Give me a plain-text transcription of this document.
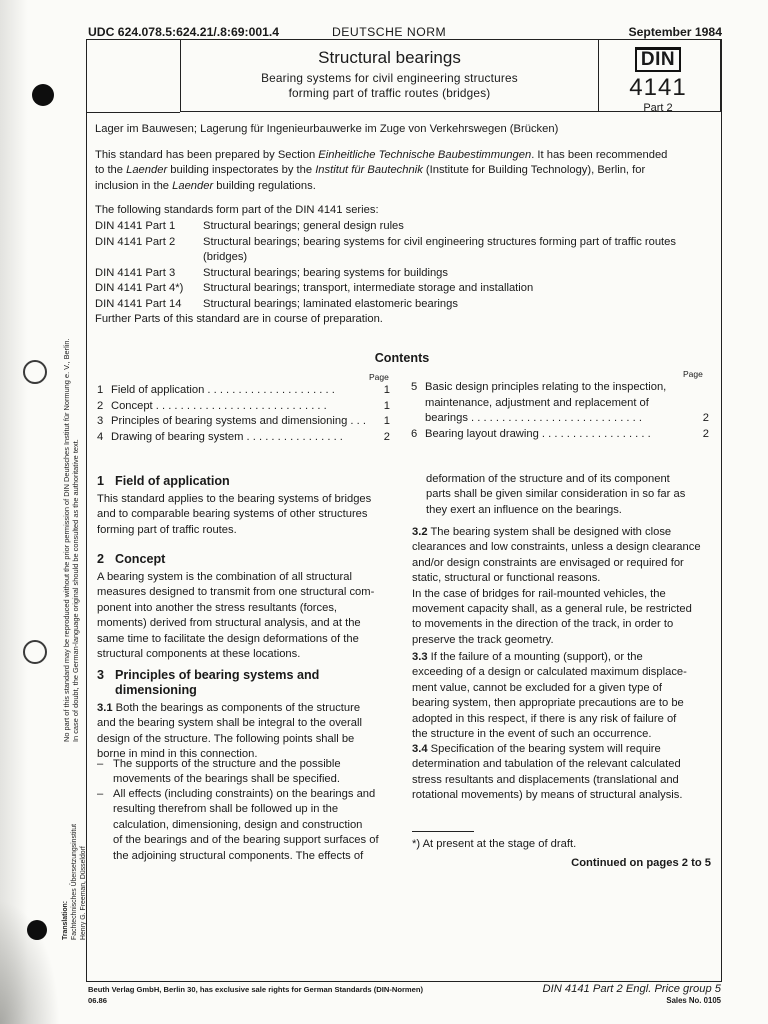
UDC 624.078.5:624.21/.8:69:001.4	DEUTSCHE NORM	September 1984
Structural bearings
Bearing systems for civil engineering structures
forming part of traffic routes (bridges)
DIN
4141
Part 2
Lager im Bauwesen; Lagerung für Ingenieurbauwerke im Zuge von Verkehrswegen (Brücken)

This standard has been prepared by Section Einheitliche Technische Baubestimmungen. It has been recommended

to the Laender building inspectorates by the Institut für Bautechnik (Institute for Building Technology), Berlin, for

inclusion in the Laender building regulations.

The following standards form part of the DIN 4141 series:
DIN 4141 Part 1 Structural bearings; general design rules
DIN 4141 Part 2 Structural bearings; bearing systems for civil engineering structures forming part of traffic routes
(bridges)
DIN 4141 Part 3 Structural bearings; bearing systems for buildings
DIN 4141 Part 4*) Structural bearings; transport, intermediate storage and installation
DIN 4141 Part 14 Structural bearings; laminated elastomeric bearings
Further Parts of this standard are in course of preparation.
Contents
Page	Page
1 Field of application . . . . . . . . . . . . . . . . . . . . .	1
2 Concept . . . . . . . . . . . . . . . . . . . . . . . . . . . .	1
3 Principles of bearing systems and dimensioning . . . 1
4 Drawing of bearing system . . . . . . . . . . . . . . . .	2
5 Basic design principles relating to the inspection,
maintenance, adjustment and replacement of
bearings . . . . . . . . . . . . . . . . . . . . . . . . . . . .	2
6 Bearing layout drawing . . . . . . . . . . . . . . . . . .	2
1 Field of application

This standard applies to the bearing systems of bridges

and to comparable bearing systems of other structures

forming part of traffic routes.

2 Concept

A bearing system is the combination of all structural

measures designed to transmit from one structural com-

ponent into another the stress resultants (forces,

moments) derived from structural analysis, and at the

same time to facilitate the design deformations of the

structural components at these locations.

3 Principles of bearing systems and
dimensioning

3.1 Both the bearings as components of the structure

and the bearing system shall be integral to the overall

design of the structure. The following points shall be

borne in mind in this connection.

– The supports of the structure and the possible

movements of the bearings shall be specified.

– All effects (including constraints) on the bearings and

resulting therefrom shall be followed up in the

calculation, dimensioning, design and construction

of the bearings and of the bearing support surfaces of

the adjoining structural components. The effects of

deformation of the structure and of its component

parts shall be given similar consideration in so far as

they exert an influence on the bearings.

3.2 The bearing system shall be designed with close

clearances and low constraints, unless a design clearance

and/or design constraints are envisaged or required for

static, structural or functional reasons.

In the case of bridges for rail-mounted vehicles, the

movement capacity shall, as a general rule, be restricted

to movements in the direction of the track, in order to

preserve the track geometry.

3.3 If the failure of a mounting (support), or the

exceeding of a design or calculated maximum displace-

ment value, cannot be excluded for a given type of

bearing system, then appropriate precautions are to be

adopted in this respect, if there is any risk of failure of

the structure in the event of such an occurrence.

3.4 Specification of the bearing system will require

determination and tabulation of the relevant calculated

stress resultants and displacements (translational and

rotational movements) by means of structural analysis.

*) At present at the stage of draft.
Continued on pages 2 to 5
Beuth Verlag GmbH, Berlin 30, has exclusive sale rights for German Standards (DIN-Normen)
06.86
DIN 4141 Part 2 Engl. Price group 5
Sales No. 0105
No part of this standard may be reproduced without the prior permission of DIN Deutsches Institut für Normung e. V., Berlin. In case of doubt, the German-language original should be consulted as the authoritative text.
Translation: Fachtechnisches Übersetzungsinstitut Henry G. Freeman, Düsseldorf
